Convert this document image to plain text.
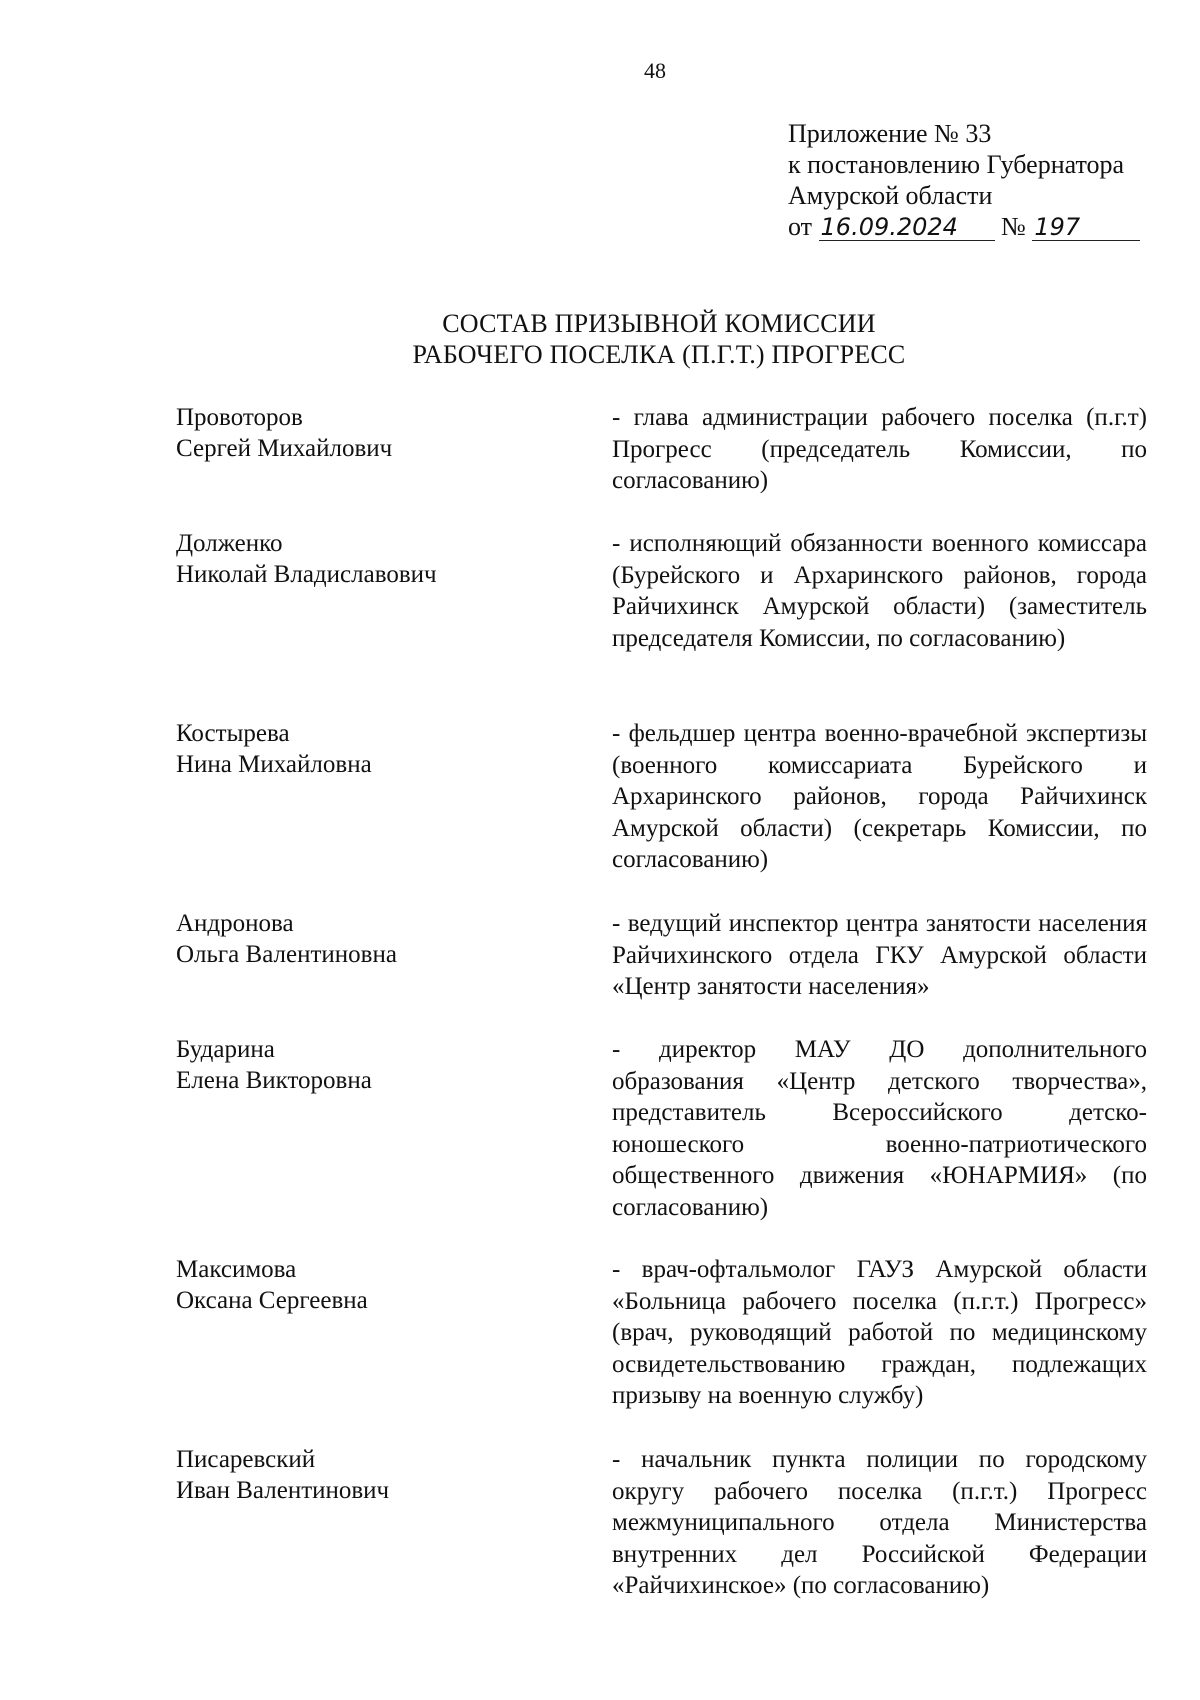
48
Приложение № 33
к постановлению Губернатора
Амурской области
от 16.09.2024 № 197
СОСТАВ ПРИЗЫВНОЙ КОМИССИИ
РАБОЧЕГО ПОСЕЛКА (П.Г.Т.) ПРОГРЕСС
Провоторов
Сергей Михайлович
- глава администрации рабочего поселка (п.г.т) Прогресс (председатель Комиссии, по согласованию)
Долженко
Николай Владиславович
- исполняющий обязанности военного комиссара (Бурейского и Архаринского районов, города Райчихинск Амурской области) (заместитель председателя Комиссии, по согласованию)
Костырева
Нина Михайловна
- фельдшер центра военно-врачебной экспертизы (военного комиссариата Бурейского и Архаринского районов, города Райчихинск Амурской области) (секретарь Комиссии, по согласованию)
Андронова
Ольга Валентиновна
- ведущий инспектор центра занятости населения Райчихинского отдела ГКУ Амурской области «Центр занятости населения»
Бударина
Елена Викторовна
- директор МАУ ДО дополнительного образования «Центр детского творчества», представитель Всероссийского детско-юношеского военно-патриотического общественного движения «ЮНАРМИЯ» (по согласованию)
Максимова
Оксана Сергеевна
- врач-офтальмолог ГАУЗ Амурской области «Больница рабочего поселка (п.г.т.) Прогресс» (врач, руководящий работой по медицинскому освидетельствованию граждан, подлежащих призыву на военную службу)
Писаревский
Иван Валентинович
- начальник пункта полиции по городскому округу рабочего поселка (п.г.т.) Прогресс межмуниципального отдела Министерства внутренних дел Российской Федерации «Райчихинское» (по согласованию)
